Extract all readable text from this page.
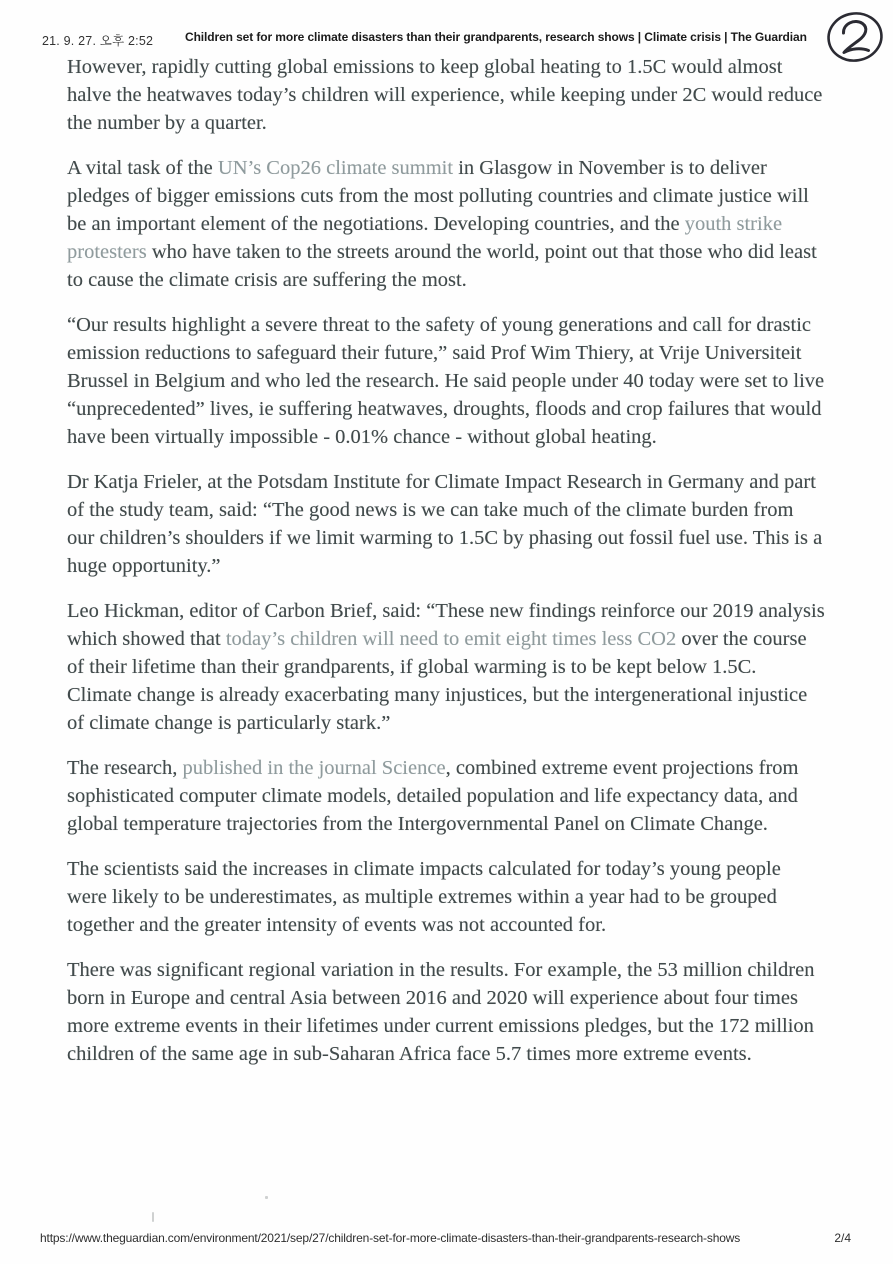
21. 9. 27. 오후 2:52	Children set for more climate disasters than their grandparents, research shows | Climate crisis | The Guardian

However, rapidly cutting global emissions to keep global heating to 1.5C would almost halve the heatwaves today’s children will experience, while keeping under 2C would reduce the number by a quarter.

A vital task of the UN’s Cop26 climate summit in Glasgow in November is to deliver pledges of bigger emissions cuts from the most polluting countries and climate justice will be an important element of the negotiations. Developing countries, and the youth strike protesters who have taken to the streets around the world, point out that those who did least to cause the climate crisis are suffering the most.

“Our results highlight a severe threat to the safety of young generations and call for drastic emission reductions to safeguard their future,” said Prof Wim Thiery, at Vrije Universiteit Brussel in Belgium and who led the research. He said people under 40 today were set to live “unprecedented” lives, ie suffering heatwaves, droughts, floods and crop failures that would have been virtually impossible - 0.01% chance - without global heating.

Dr Katja Frieler, at the Potsdam Institute for Climate Impact Research in Germany and part of the study team, said: “The good news is we can take much of the climate burden from our children’s shoulders if we limit warming to 1.5C by phasing out fossil fuel use. This is a huge opportunity.”

Leo Hickman, editor of Carbon Brief, said: “These new findings reinforce our 2019 analysis which showed that today’s children will need to emit eight times less CO2 over the course of their lifetime than their grandparents, if global warming is to be kept below 1.5C. Climate change is already exacerbating many injustices, but the intergenerational injustice of climate change is particularly stark.”

The research, published in the journal Science, combined extreme event projections from sophisticated computer climate models, detailed population and life expectancy data, and global temperature trajectories from the Intergovernmental Panel on Climate Change.

The scientists said the increases in climate impacts calculated for today’s young people were likely to be underestimates, as multiple extremes within a year had to be grouped together and the greater intensity of events was not accounted for.

There was significant regional variation in the results. For example, the 53 million children born in Europe and central Asia between 2016 and 2020 will experience about four times more extreme events in their lifetimes under current emissions pledges, but the 172 million children of the same age in sub-Saharan Africa face 5.7 times more extreme events.

https://www.theguardian.com/environment/2021/sep/27/children-set-for-more-climate-disasters-than-their-grandparents-research-shows	2/4
